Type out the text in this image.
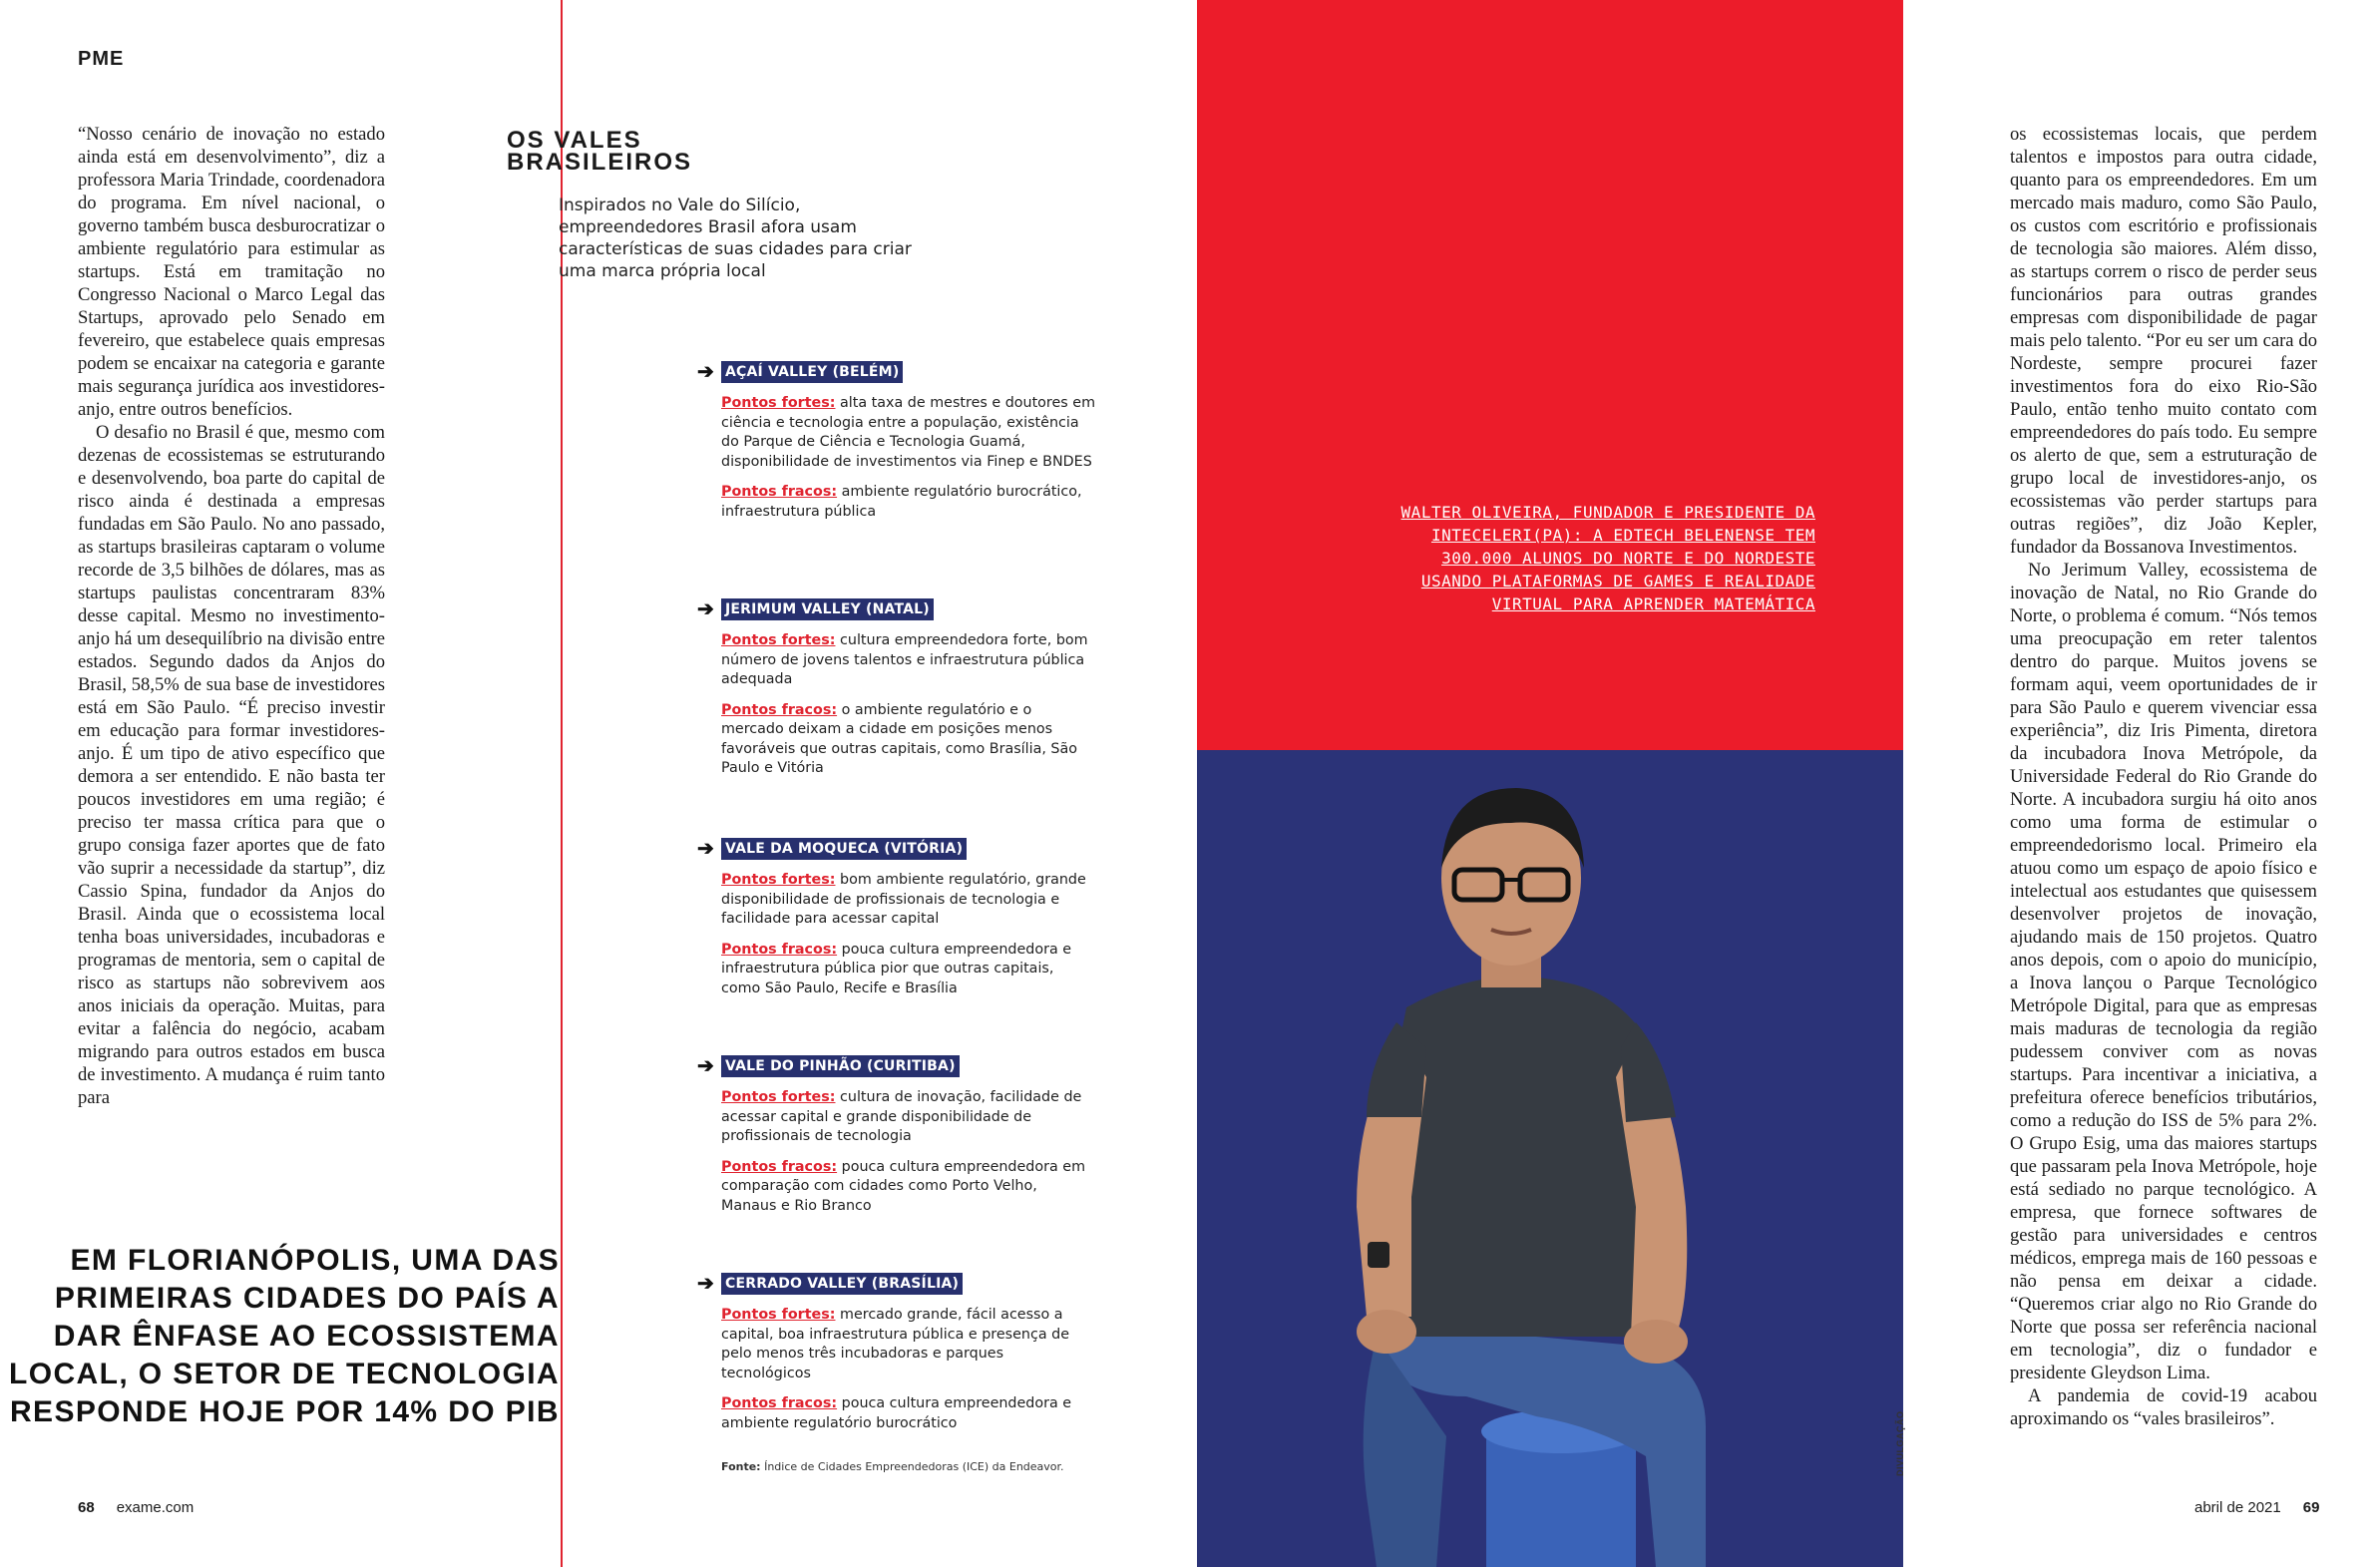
PME

“Nosso cenário de inovação no estado ainda está em desenvolvimento”, diz a professora Maria Trindade, coordenadora do programa. Em nível nacional, o governo também busca desburocratizar o ambiente regulatório para estimular as startups. Está em tramitação no Congresso Nacional o Marco Legal das Startups, aprovado pelo Senado em fevereiro, que estabelece quais empresas podem se encaixar na categoria e garante mais segurança jurídica aos investidores-anjo, entre outros benefícios.

O desafio no Brasil é que, mesmo com dezenas de ecossistemas se estruturando e desenvolvendo, boa parte do capital de risco ainda é destinada a empresas fundadas em São Paulo. No ano passado, as startups brasileiras captaram o volume recorde de 3,5 bilhões de dólares, mas as startups paulistas concentraram 83% desse capital. Mesmo no investimento-anjo há um desequilíbrio na divisão entre estados. Segundo dados da Anjos do Brasil, 58,5% de sua base de investidores está em São Paulo. “É preciso investir em educação para formar investidores-anjo. É um tipo de ativo específico que demora a ser entendido. E não basta ter poucos investidores em uma região; é preciso ter massa crítica para que o grupo consiga fazer aportes que de fato vão suprir a necessidade da startup”, diz Cassio Spina, fundador da Anjos do Brasil. Ainda que o ecossistema local tenha boas universidades, incubadoras e programas de mentoria, sem o capital de risco as startups não sobrevivem aos anos iniciais da operação. Muitas, para evitar a falência do negócio, acabam migrando para outros estados em busca de investimento. A mudança é ruim tanto para

EM FLORIANÓPOLIS, UMA DAS PRIMEIRAS CIDADES DO PAÍS A DAR ÊNFASE AO ECOSSISTEMA LOCAL, O SETOR DE TECNOLOGIA RESPONDE HOJE POR 14% DO PIB
OS VALES
BRASILEIROS
Inspirados no Vale do Silício, empreendedores Brasil afora usam características de suas cidades para criar uma marca própria local
➔ AÇAÍ VALLEY (BELÉM)
Pontos fortes: alta taxa de mestres e doutores em ciência e tecnologia entre a população, existência do Parque de Ciência e Tecnologia Guamá, disponibilidade de investimentos via Finep e BNDES
Pontos fracos: ambiente regulatório burocrático, infraestrutura pública
➔ JERIMUM VALLEY (NATAL)
Pontos fortes: cultura empreendedora forte, bom número de jovens talentos e infraestrutura pública adequada
Pontos fracos: o ambiente regulatório e o mercado deixam a cidade em posições menos favoráveis que outras capitais, como Brasília, São Paulo e Vitória
➔ VALE DA MOQUECA (VITÓRIA)
Pontos fortes: bom ambiente regulatório, grande disponibilidade de profissionais de tecnologia e facilidade para acessar capital
Pontos fracos: pouca cultura empreendedora e infraestrutura pública pior que outras capitais, como São Paulo, Recife e Brasília
➔ VALE DO PINHÃO (CURITIBA)
Pontos fortes: cultura de inovação, facilidade de acessar capital e grande disponibilidade de profissionais de tecnologia
Pontos fracos: pouca cultura empreendedora em comparação com cidades como Porto Velho, Manaus e Rio Branco
➔ CERRADO VALLEY (BRASÍLIA)
Pontos fortes: mercado grande, fácil acesso a capital, boa infraestrutura pública e presença de pelo menos três incubadoras e parques tecnológicos
Pontos fracos: pouca cultura empreendedora e ambiente regulatório burocrático
Fonte: Índice de Cidades Empreendedoras (ICE) da Endeavor.
WALTER OLIVEIRA, FUNDADOR E PRESIDENTE DA INTECELERI(PA): A EDTECH BELENENSE TEM 300.000 ALUNOS DO NORTE E DO NORDESTE USANDO PLATAFORMAS DE GAMES E REALIDADE VIRTUAL PARA APRENDER MATEMÁTICA
DIVULGAÇÃO

os ecossistemas locais, que perdem talentos e impostos para outra cidade, quanto para os empreendedores. Em um mercado mais maduro, como São Paulo, os custos com escritório e profissionais de tecnologia são maiores. Além disso, as startups correm o risco de perder seus funcionários para outras grandes empresas com disponibilidade de pagar mais pelo talento. “Por eu ser um cara do Nordeste, sempre procurei fazer investimentos fora do eixo Rio-São Paulo, então tenho muito contato com empreendedores do país todo. Eu sempre os alerto de que, sem a estruturação de grupo local de investidores-anjo, os ecossistemas vão perder startups para outras regiões”, diz João Kepler, fundador da Bossanova Investimentos.

No Jerimum Valley, ecossistema de inovação de Natal, no Rio Grande do Norte, o problema é comum. “Nós temos uma preocupação em reter talentos dentro do parque. Muitos jovens se formam aqui, veem oportunidades de ir para São Paulo e querem vivenciar essa experiência”, diz Iris Pimenta, diretora da incubadora Inova Metrópole, da Universidade Federal do Rio Grande do Norte. A incubadora surgiu há oito anos como uma forma de estimular o empreendedorismo local. Primeiro ela atuou como um espaço de apoio físico e intelectual aos estudantes que quisessem desenvolver projetos de inovação, ajudando mais de 150 projetos. Quatro anos depois, com o apoio do município, a Inova lançou o Parque Tecnológico Metrópole Digital, para que as empresas mais maduras de tecnologia da região pudessem conviver com as novas startups. Para incentivar a iniciativa, a prefeitura oferece benefícios tributários, como a redução do ISS de 5% para 2%. O Grupo Esig, uma das maiores startups que passaram pela Inova Metrópole, hoje está sediado no parque tecnológico. A empresa, que fornece softwares de gestão para universidades e centros médicos, emprega mais de 160 pessoas e não pensa em deixar a cidade. “Queremos criar algo no Rio Grande do Norte que possa ser referência nacional em tecnologia”, diz o fundador e presidente Gleydson Lima.

A pandemia de covid-19 acabou aproximando os “vales brasileiros”.

68 exame.com	abril de 2021 69
